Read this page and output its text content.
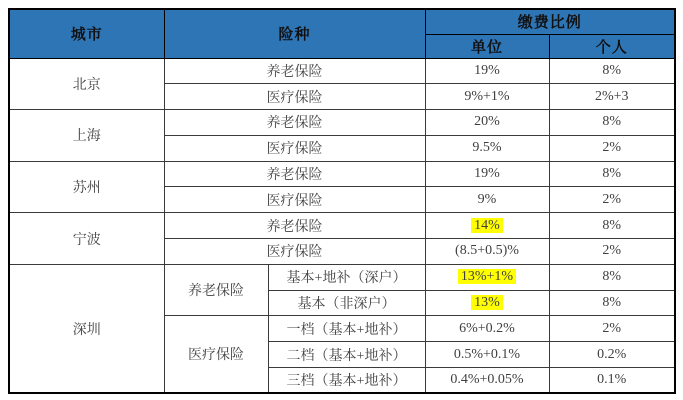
城市	险种		缴费比例	
			单位	个人
北京	养老保险		19%	8%
	医疗保险		9%+1%	2%+3
上海	养老保险		20%	8%
	医疗保险		9.5%	2%
苏州	养老保险		19%	8%
	医疗保险		9%	2%
宁波	养老保险		14%	8%
	医疗保险		(8.5+0.5)%	2%
深圳	养老保险	基本+地补（深户）	13%+1%	8%
		基本（非深户）	13%	8%
	医疗保险	一档（基本+地补）	6%+0.2%	2%
		二档（基本+地补）	0.5%+0.1%	0.2%
		三档（基本+地补）	0.4%+0.05%	0.1%
